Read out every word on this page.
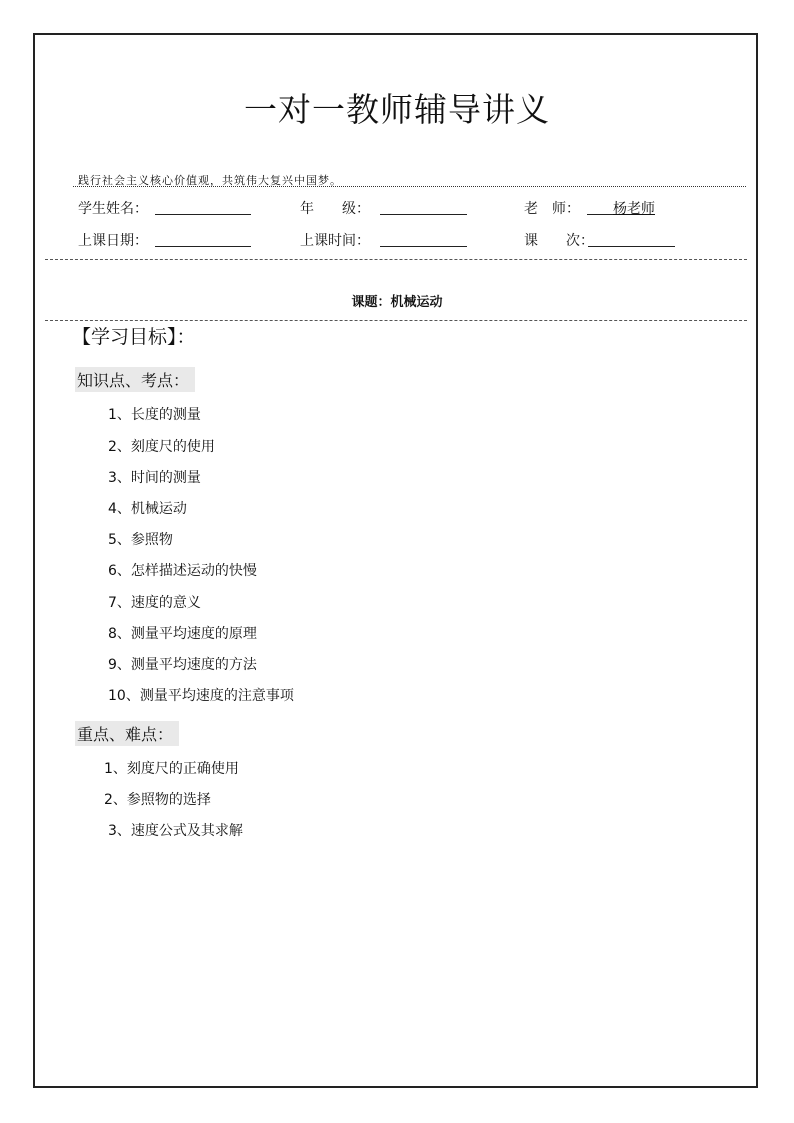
一对一教师辅导讲义
践行社会主义核心价值观，共筑伟大复兴中国梦。
学生姓名：	年　　级：	老　师： 杨老师
上课日期：	上课时间：	课　　次：
课题：机械运动
【学习目标】：
知识点、考点：
1、长度的测量
2、刻度尺的使用
3、时间的测量
4、机械运动
5、参照物
6、怎样描述运动的快慢
7、速度的意义
8、测量平均速度的原理
9、测量平均速度的方法
10、测量平均速度的注意事项
重点、难点：
1、刻度尺的正确使用
2、参照物的选择
3、速度公式及其求解
